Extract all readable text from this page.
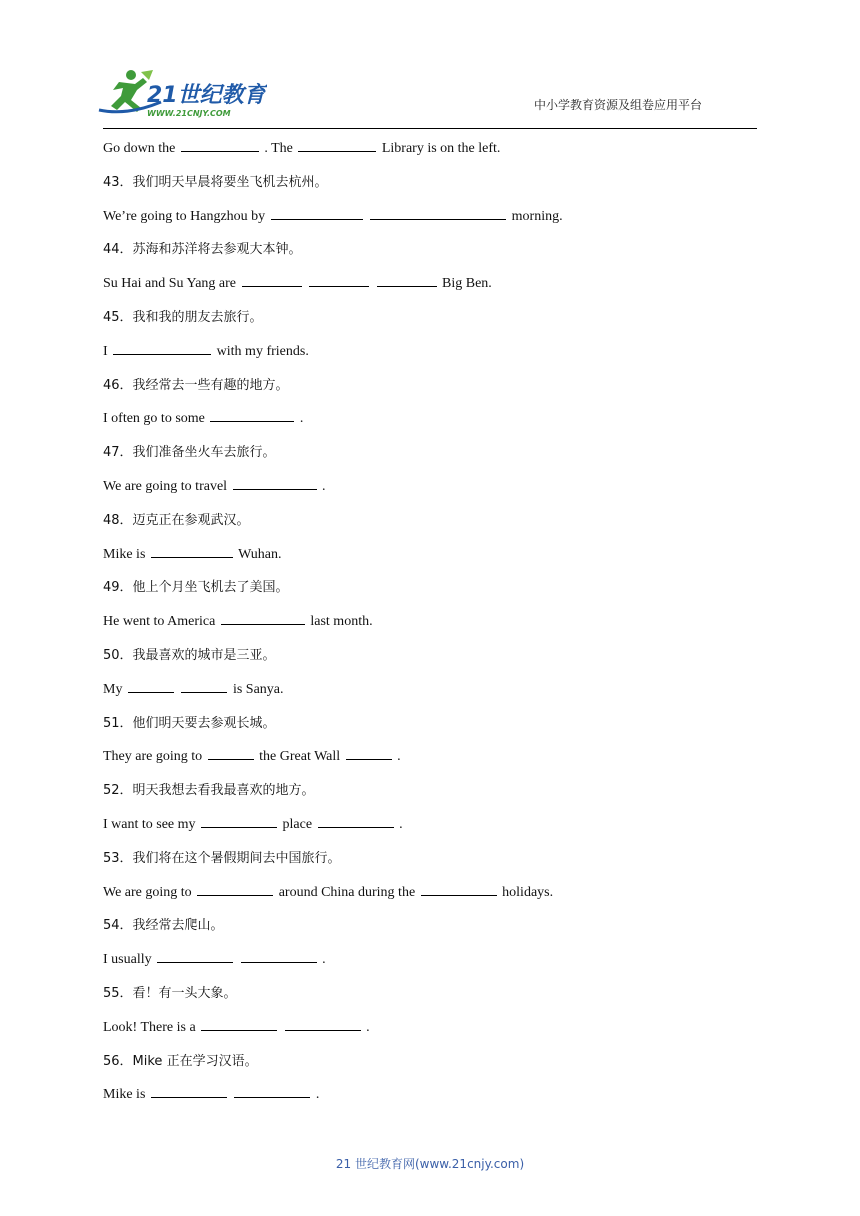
21世纪教育
WWW.21CNJY.COM
中小学教育资源及组卷应用平台
Go down the	. The	Library is on the left.
43．我们明天早晨将要坐飞机去杭州。
We’re going to Hangzhou by	morning.
44．苏海和苏洋将去参观大本钟。
Su Hai and Su Yang are	Big Ben.
45．我和我的朋友去旅行。
I	with my friends.
46．我经常去一些有趣的地方。
I often go to some	.
47．我们准备坐火车去旅行。
We are going to travel	.
48．迈克正在参观武汉。
Mike is	Wuhan.
49．他上个月坐飞机去了美国。
He went to America	last month.
50．我最喜欢的城市是三亚。
My	is Sanya.
51．他们明天要去参观长城。
They are going to	the Great Wall	.
52．明天我想去看我最喜欢的地方。
I want to see my	place	.
53．我们将在这个暑假期间去中国旅行。
We are going to	around China during the	holidays.
54．我经常去爬山。
I usually	.
55．看！有一头大象。
Look! There is a	.
56．Mike 正在学习汉语。
Mike is	.
21 世纪教育网(www.21cnjy.com)
